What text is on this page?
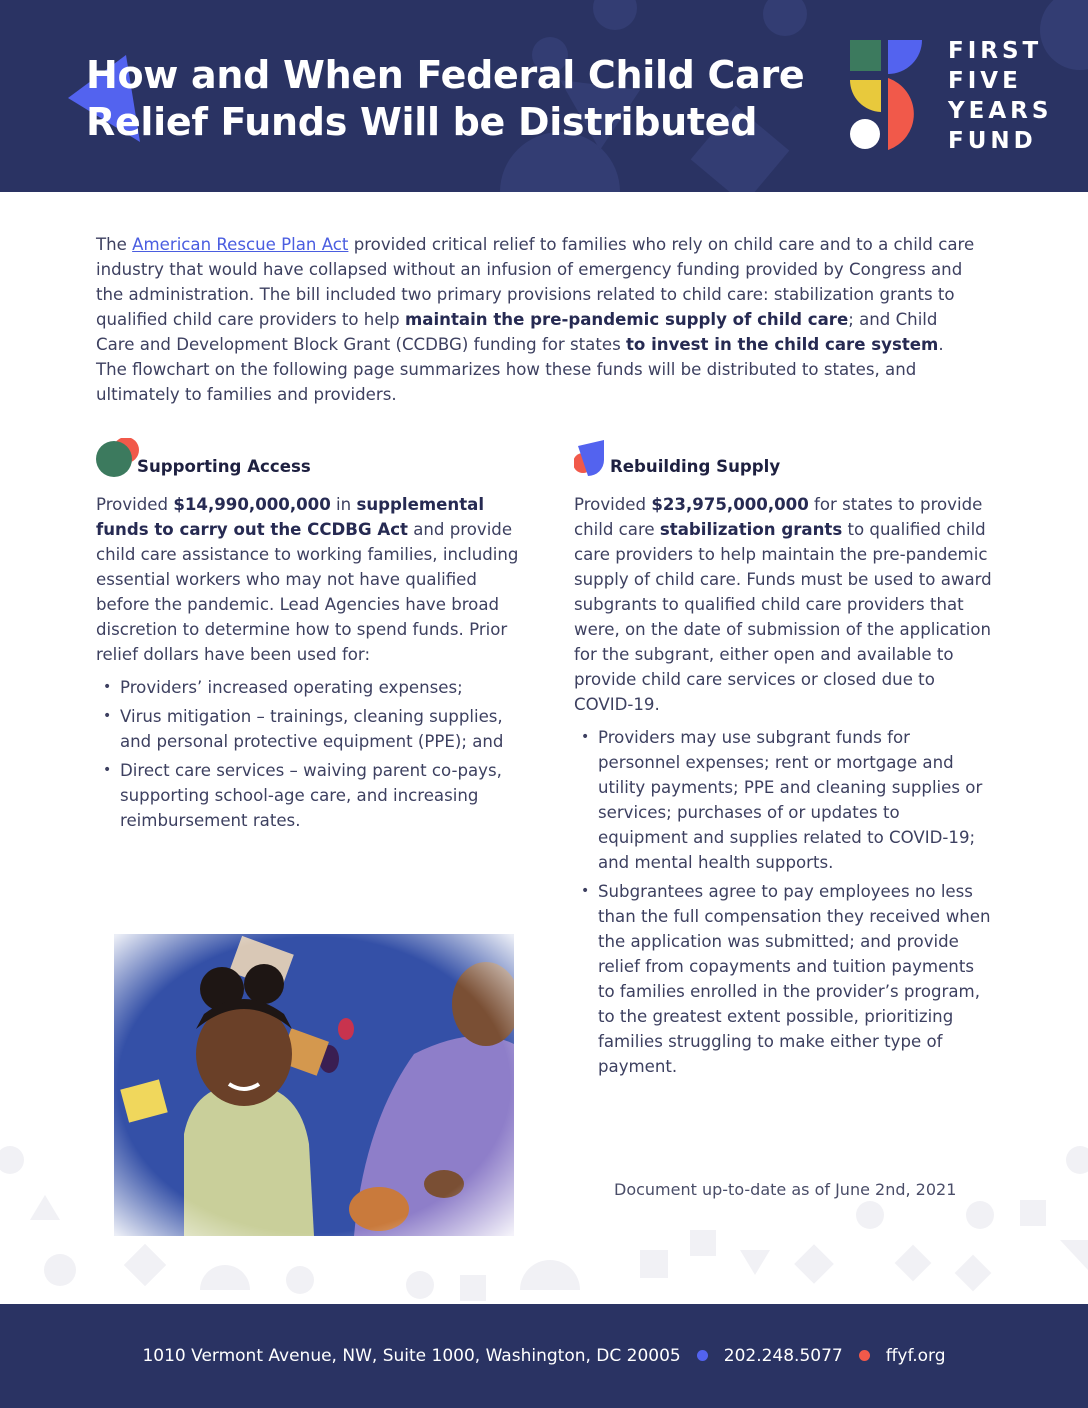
How and When Federal Child Care
Relief Funds Will be Distributed
FIRST
FIVE
YEARS
FUND
The American Rescue Plan Act provided critical relief to families who rely on child care and to a child care industry that would have collapsed without an infusion of emergency funding provided by Congress and the administration. The bill included two primary provisions related to child care: stabilization grants to qualified child care providers to help maintain the pre-pandemic supply of child care; and Child Care and Development Block Grant (CCDBG) funding for states to invest in the child care system. The flowchart on the following page summarizes how these funds will be distributed to states, and ultimately to families and providers.
Supporting Access

Provided $14,990,000,000 in supplemental funds to carry out the CCDBG Act and provide child care assistance to working families, including essential workers who may not have qualified before the pandemic. Lead Agencies have broad discretion to determine how to spend funds. Prior relief dollars have been used for:

• Providers’ increased operating expenses;
• Virus mitigation – trainings, cleaning supplies, and personal protective equipment (PPE); and
• Direct care services – waiving parent co-pays, supporting school-age care, and increasing reimbursement rates.
Rebuilding Supply

Provided $23,975,000,000 for states to provide child care stabilization grants to qualified child care providers to help maintain the pre-pandemic supply of child care. Funds must be used to award subgrants to qualified child care providers that were, on the date of submission of the application for the subgrant, either open and available to provide child care services or closed due to COVID-19.

• Providers may use subgrant funds for personnel expenses; rent or mortgage and utility payments; PPE and cleaning supplies or services; purchases of or updates to equipment and supplies related to COVID-19; and mental health supports.
• Subgrantees agree to pay employees no less than the full compensation they received when the application was submitted; and provide relief from copayments and tuition payments to families enrolled in the provider’s program, to the greatest extent possible, prioritizing families struggling to make either type of payment.
Document up-to-date as of June 2nd, 2021
1010 Vermont Avenue, NW, Suite 1000, Washington, DC 20005	202.248.5077	ffyf.org
